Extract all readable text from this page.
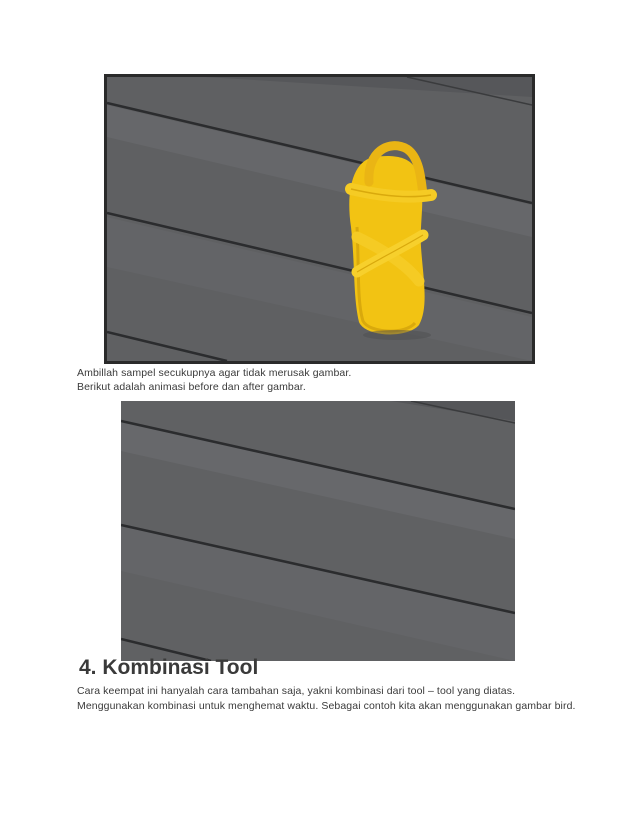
Ambillah sampel secukupnya agar tidak merusak gambar.
Berikut adalah animasi before dan after gambar.
4. Kombinasi Tool
Cara keempat ini hanyalah cara tambahan saja, yakni kombinasi dari tool – tool yang diatas.
Menggunakan kombinasi untuk menghemat waktu. Sebagai contoh kita akan menggunakan gambar bird.
